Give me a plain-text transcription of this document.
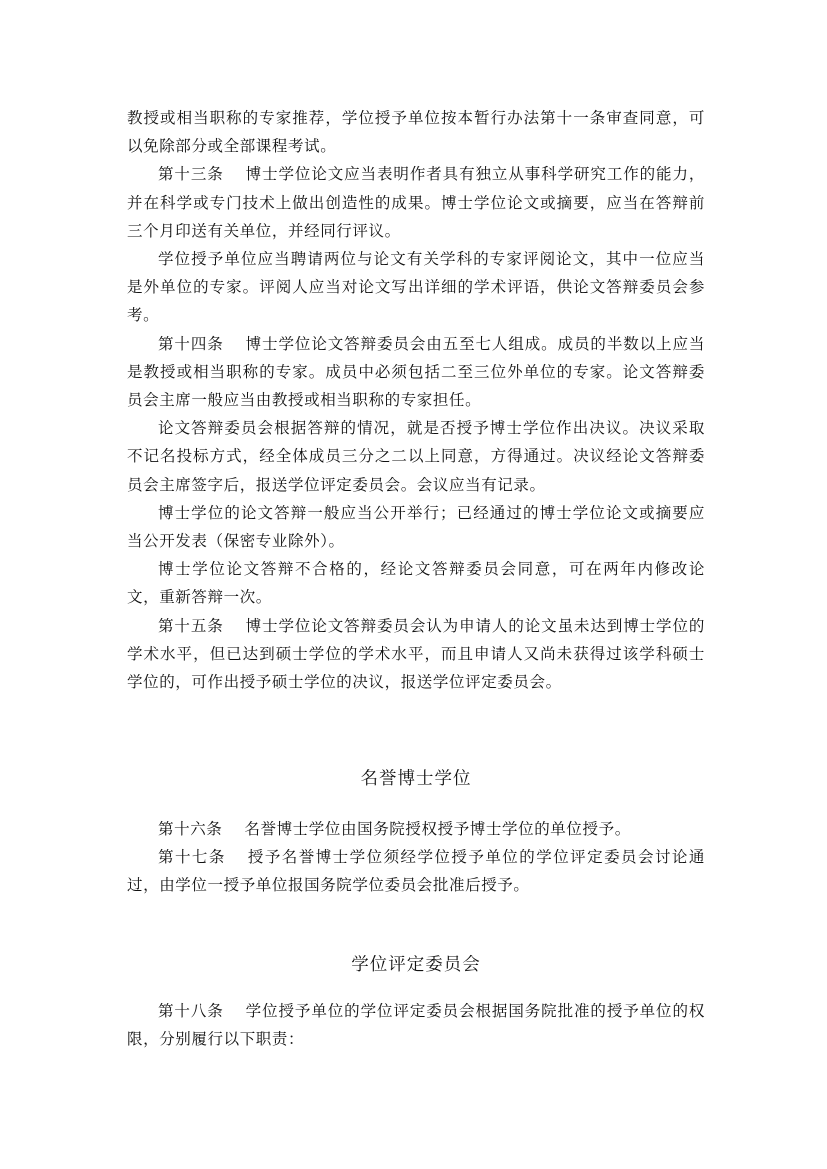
教授或相当职称的专家推荐，学位授予单位按本暂行办法第十一条审查同意，可以免除部分或全部课程考试。

第十三条 博士学位论文应当表明作者具有独立从事科学研究工作的能力，并在科学或专门技术上做出创造性的成果。博士学位论文或摘要，应当在答辩前三个月印送有关单位，并经同行评议。

学位授予单位应当聘请两位与论文有关学科的专家评阅论文，其中一位应当是外单位的专家。评阅人应当对论文写出详细的学术评语，供论文答辩委员会参考。

第十四条 博士学位论文答辩委员会由五至七人组成。成员的半数以上应当是教授或相当职称的专家。成员中必须包括二至三位外单位的专家。论文答辩委员会主席一般应当由教授或相当职称的专家担任。

论文答辩委员会根据答辩的情况，就是否授予博士学位作出决议。决议采取不记名投标方式，经全体成员三分之二以上同意，方得通过。决议经论文答辩委员会主席签字后，报送学位评定委员会。会议应当有记录。

博士学位的论文答辩一般应当公开举行；已经通过的博士学位论文或摘要应当公开发表（保密专业除外）。

博士学位论文答辩不合格的，经论文答辩委员会同意，可在两年内修改论文，重新答辩一次。

第十五条 博士学位论文答辩委员会认为申请人的论文虽未达到博士学位的学术水平，但已达到硕士学位的学术水平，而且申请人又尚未获得过该学科硕士学位的，可作出授予硕士学位的决议，报送学位评定委员会。

名誉博士学位

第十六条 名誉博士学位由国务院授权授予博士学位的单位授予。

第十七条 授予名誉博士学位须经学位授予单位的学位评定委员会讨论通过，由学位一授予单位报国务院学位委员会批准后授予。

学位评定委员会

第十八条 学位授予单位的学位评定委员会根据国务院批准的授予单位的权限，分别履行以下职责：
